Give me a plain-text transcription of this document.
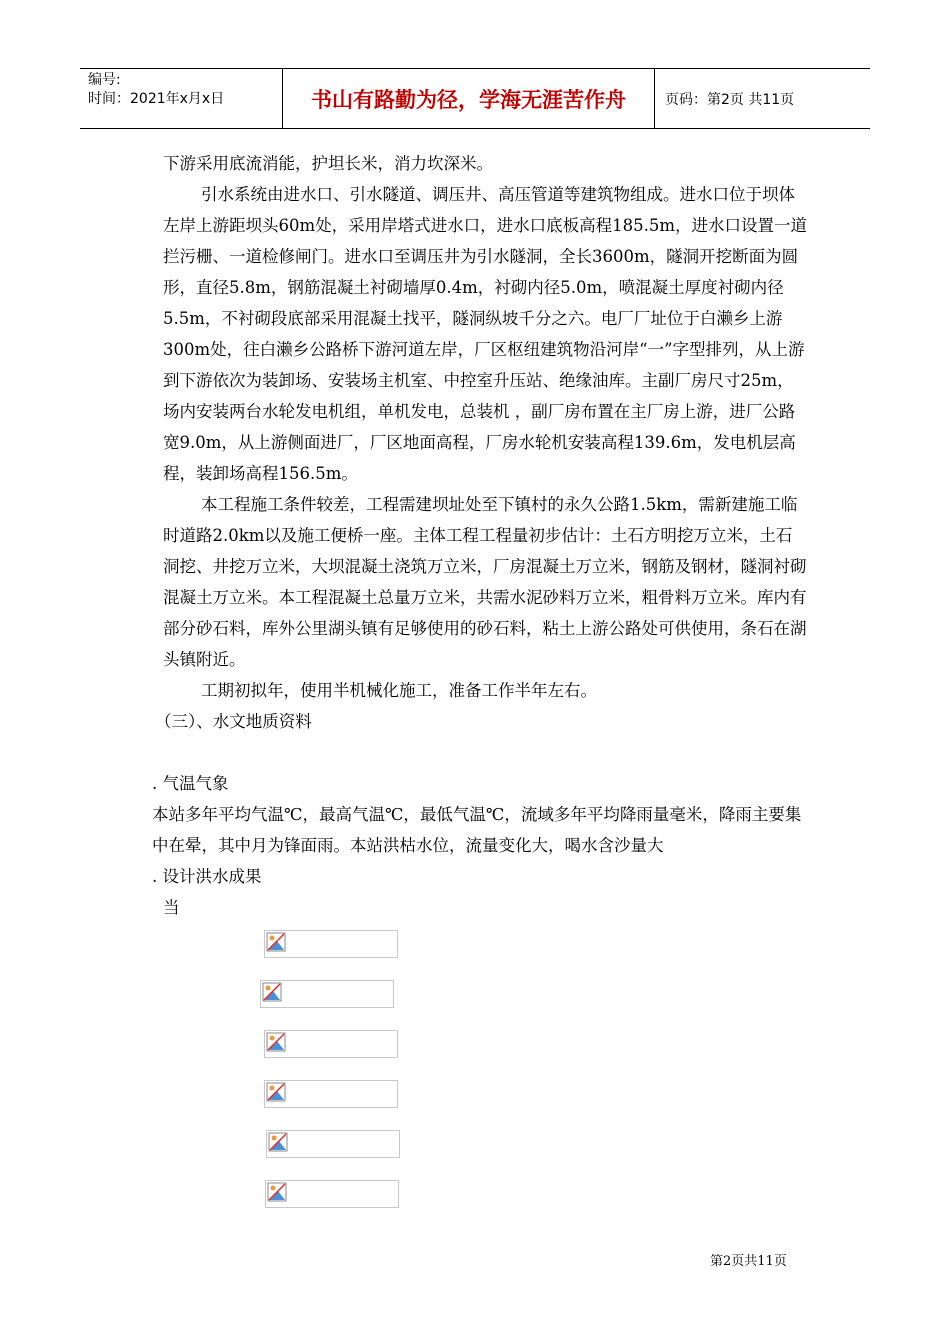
编号:
时间：2021年x月x日	书山有路勤为径，学海无涯苦作舟	页码：第2页 共11页

下游采用底流消能，护坦长米，消力坎深米。

引水系统由进水口、引水隧道、调压井、高压管道等建筑物组成。进水口位于坝体左岸上游距坝头60m处，采用岸塔式进水口，进水口底板高程185.5m，进水口设置一道拦污栅、一道检修闸门。进水口至调压井为引水隧洞，全长3600m，隧洞开挖断面为圆形，直径5.8m，钢筋混凝土衬砌墙厚0.4m，衬砌内径5.0m，喷混凝土厚度衬砌内径5.5m，不衬砌段底部采用混凝土找平，隧洞纵坡千分之六。电厂厂址位于白濑乡上游300m处，往白濑乡公路桥下游河道左岸，厂区枢纽建筑物沿河岸“一”字型排列，从上游到下游依次为装卸场、安装场主机室、中控室升压站、绝缘油库。主副厂房尺寸25m，场内安装两台水轮发电机组，单机发电，总装机 ，副厂房布置在主厂房上游，进厂公路宽9.0m，从上游侧面进厂，厂区地面高程，厂房水轮机安装高程139.6m，发电机层高程，装卸场高程156.5m。

本工程施工条件较差，工程需建坝址处至下镇村的永久公路1.5km，需新建施工临时道路2.0km以及施工便桥一座。主体工程工程量初步估计：土石方明挖万立米，土石洞挖、井挖万立米，大坝混凝土浇筑万立米，厂房混凝土万立米，钢筋及钢材，隧洞衬砌混凝土万立米。本工程混凝土总量万立米，共需水泥砂料万立米，粗骨料万立米。库内有部分砂石料，库外公里湖头镇有足够使用的砂石料，粘土上游公路处可供使用，条石在湖头镇附近。

工期初拟年，使用半机械化施工，准备工作半年左右。

（三）、水文地质资料

. 气温气象
本站多年平均气温℃，最高气温℃，最低气温℃，流域多年平均降雨量毫米，降雨主要集中在晕，其中月为锋面雨。本站洪枯水位，流量变化大，喝水含沙量大
. 设计洪水成果
当
第2页共11页
